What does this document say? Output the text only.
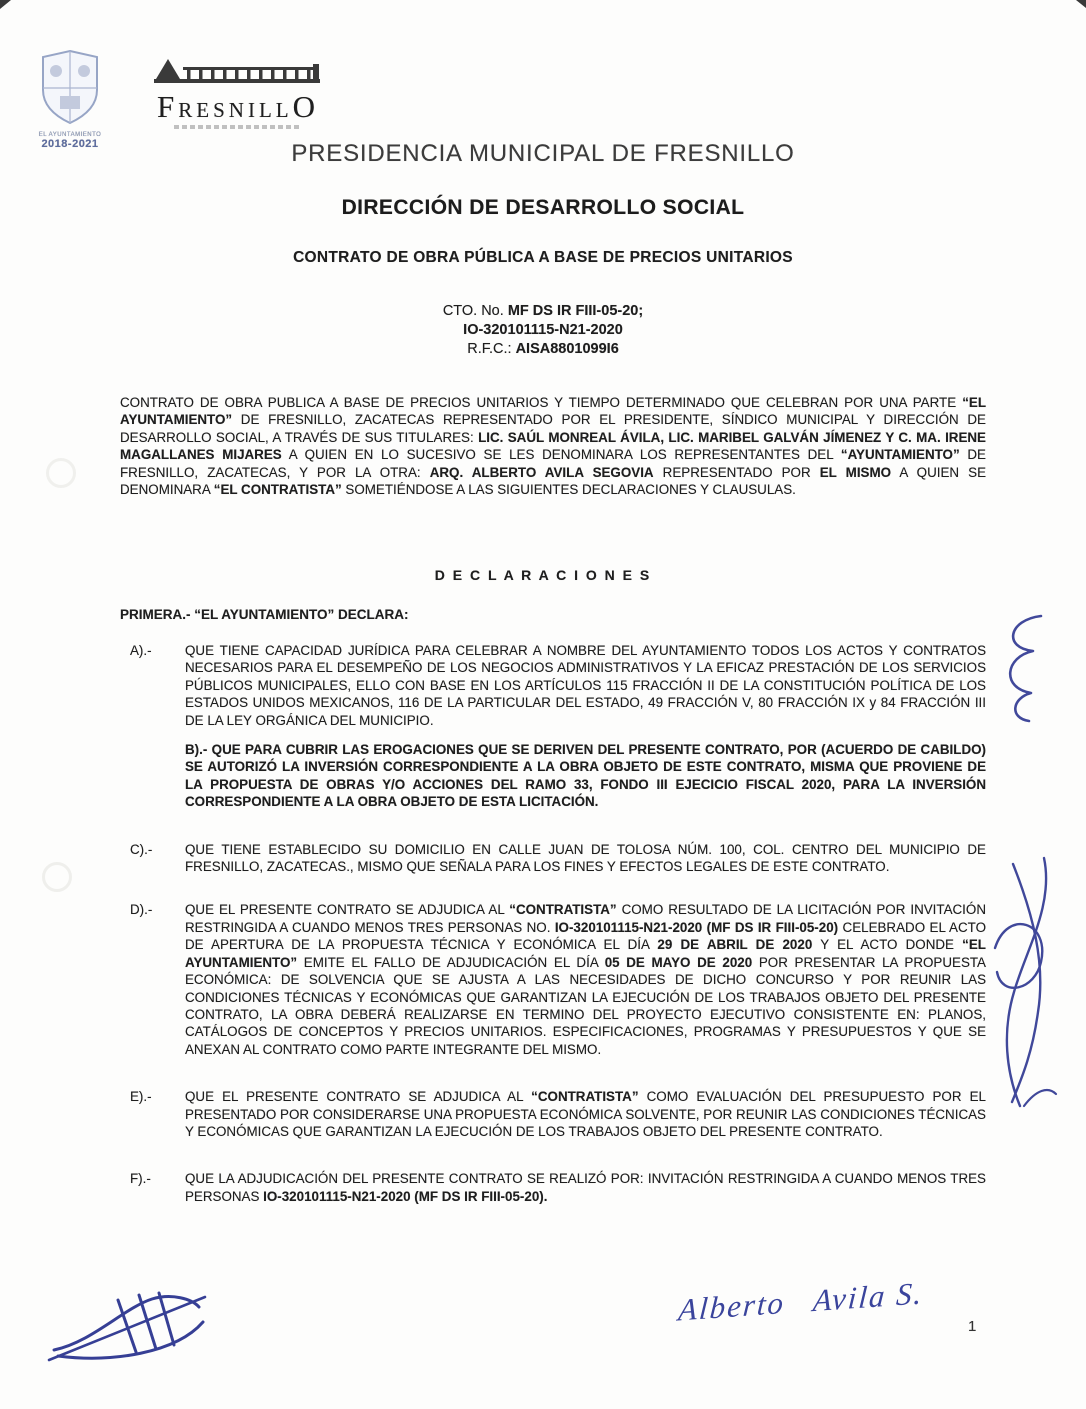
EL AYUNTAMIENTO
2018-2021
FRESNILLO
PRESIDENCIA MUNICIPAL DE FRESNILLO
DIRECCIÓN DE DESARROLLO SOCIAL
CONTRATO DE OBRA PÚBLICA A BASE DE PRECIOS UNITARIOS
CTO. No. MF DS IR FIII-05-20;
IO-320101115-N21-2020
R.F.C.: AISA8801099I6
CONTRATO DE OBRA PUBLICA A BASE DE PRECIOS UNITARIOS Y TIEMPO DETERMINADO QUE CELEBRAN POR UNA PARTE “EL AYUNTAMIENTO” DE FRESNILLO, ZACATECAS REPRESENTADO POR EL PRESIDENTE, SÍNDICO MUNICIPAL Y DIRECCIÓN DE DESARROLLO SOCIAL, A TRAVÉS DE SUS TITULARES: LIC. SAÚL MONREAL ÁVILA, LIC. MARIBEL GALVÁN JÍMENEZ Y C. MA. IRENE MAGALLANES MIJARES A QUIEN EN LO SUCESIVO SE LES DENOMINARA LOS REPRESENTANTES DEL “AYUNTAMIENTO” DE FRESNILLO, ZACATECAS, Y POR LA OTRA: ARQ. ALBERTO AVILA SEGOVIA REPRESENTADO POR EL MISMO A QUIEN SE DENOMINARA “EL CONTRATISTA” SOMETIÉNDOSE A LAS SIGUIENTES DECLARACIONES Y CLAUSULAS.
D E C L A R A C I O N E S
PRIMERA.- “EL AYUNTAMIENTO” DECLARA:
A).-	QUE TIENE CAPACIDAD JURÍDICA PARA CELEBRAR A NOMBRE DEL AYUNTAMIENTO TODOS LOS ACTOS Y CONTRATOS NECESARIOS PARA EL DESEMPEÑO DE LOS NEGOCIOS ADMINISTRATIVOS Y LA EFICAZ PRESTACIÓN DE LOS SERVICIOS PÚBLICOS MUNICIPALES, ELLO CON BASE EN LOS ARTÍCULOS 115 FRACCIÓN II DE LA CONSTITUCIÓN POLÍTICA DE LOS ESTADOS UNIDOS MEXICANOS, 116 DE LA PARTICULAR DEL ESTADO, 49 FRACCIÓN V, 80 FRACCIÓN IX y 84 FRACCIÓN III DE LA LEY ORGÁNICA DEL MUNICIPIO.
B).- QUE PARA CUBRIR LAS EROGACIONES QUE SE DERIVEN DEL PRESENTE CONTRATO, POR (ACUERDO DE CABILDO) SE AUTORIZÓ LA INVERSIÓN CORRESPONDIENTE A LA OBRA OBJETO DE ESTE CONTRATO, MISMA QUE PROVIENE DE LA PROPUESTA DE OBRAS Y/O ACCIONES DEL RAMO 33, FONDO III EJECICIO FISCAL 2020, PARA LA INVERSIÓN CORRESPONDIENTE A LA OBRA OBJETO DE ESTA LICITACIÓN.
C).-	QUE TIENE ESTABLECIDO SU DOMICILIO EN CALLE JUAN DE TOLOSA NÚM. 100, COL. CENTRO DEL MUNICIPIO DE FRESNILLO, ZACATECAS., MISMO QUE SEÑALA PARA LOS FINES Y EFECTOS LEGALES DE ESTE CONTRATO.
D).-	QUE EL PRESENTE CONTRATO SE ADJUDICA AL “CONTRATISTA” COMO RESULTADO DE LA LICITACIÓN POR INVITACIÓN RESTRINGIDA A CUANDO MENOS TRES PERSONAS NO. IO-320101115-N21-2020 (MF DS IR FIII-05-20) CELEBRADO EL ACTO DE APERTURA DE LA PROPUESTA TÉCNICA Y ECONÓMICA EL DÍA 29 DE ABRIL DE 2020 Y EL ACTO DONDE “EL AYUNTAMIENTO” EMITE EL FALLO DE ADJUDICACIÓN EL DÍA 05 DE MAYO DE 2020 POR PRESENTAR LA PROPUESTA ECONÓMICA: DE SOLVENCIA QUE SE AJUSTA A LAS NECESIDADES DE DICHO CONCURSO Y POR REUNIR LAS CONDICIONES TÉCNICAS Y ECONÓMICAS QUE GARANTIZAN LA EJECUCIÓN DE LOS TRABAJOS OBJETO DEL PRESENTE CONTRATO, LA OBRA DEBERÁ REALIZARSE EN TERMINO DEL PROYECTO EJECUTIVO CONSISTENTE EN: PLANOS, CATÁLOGOS DE CONCEPTOS Y PRECIOS UNITARIOS. ESPECIFICACIONES, PROGRAMAS Y PRESUPUESTOS Y QUE SE ANEXAN AL CONTRATO COMO PARTE INTEGRANTE DEL MISMO.
E).-	QUE EL PRESENTE CONTRATO SE ADJUDICA AL “CONTRATISTA” COMO EVALUACIÓN DEL PRESUPUESTO POR EL PRESENTADO POR CONSIDERARSE UNA PROPUESTA ECONÓMICA SOLVENTE, POR REUNIR LAS CONDICIONES TÉCNICAS Y ECONÓMICAS QUE GARANTIZAN LA EJECUCIÓN DE LOS TRABAJOS OBJETO DEL PRESENTE CONTRATO.
F).-	QUE LA ADJUDICACIÓN DEL PRESENTE CONTRATO SE REALIZÓ POR: INVITACIÓN RESTRINGIDA A CUANDO MENOS TRES PERSONAS IO-320101115-N21-2020 (MF DS IR FIII-05-20).
Alberto Avila S.
1
